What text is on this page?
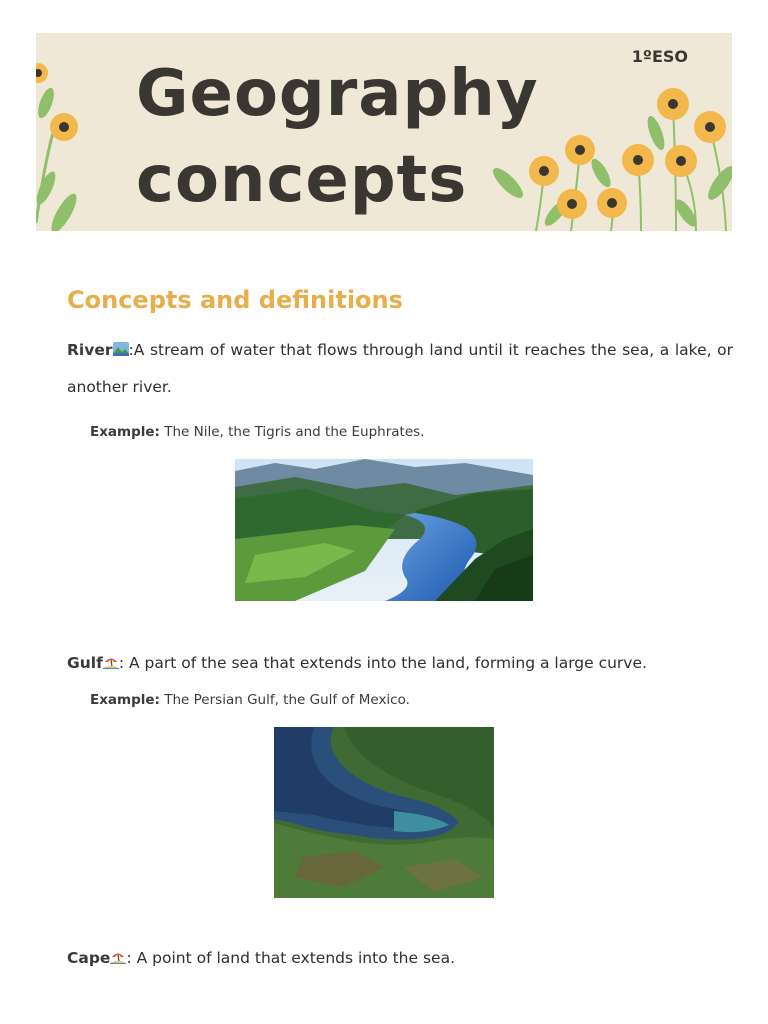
Geography
concepts
1ºESO
Concepts and definitions
River :A stream of water that flows through land until it reaches the sea, a lake, or another river.
Example: The Nile, the Tigris and the Euphrates.
Gulf : A part of the sea that extends into the land, forming a large curve.
Example: The Persian Gulf, the Gulf of Mexico.
Cape : A point of land that extends into the sea.
